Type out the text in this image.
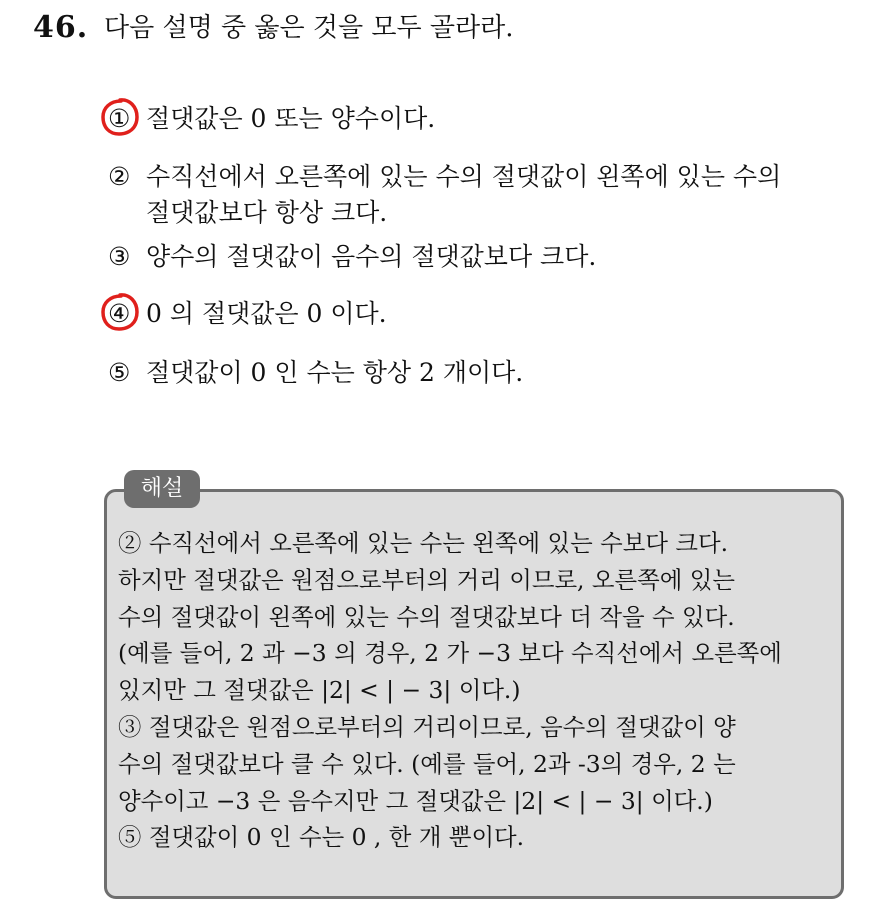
46. 다음 설명 중 옳은 것을 모두 골라라.
① 절댓값은 0 또는 양수이다.
② 수직선에서 오른쪽에 있는 수의 절댓값이 왼쪽에 있는 수의
절댓값보다 항상 크다.
③ 양수의 절댓값이 음수의 절댓값보다 크다.
④ 0 의 절댓값은 0 이다.
⑤ 절댓값이 0 인 수는 항상 2 개이다.
해설
② 수직선에서 오른쪽에 있는 수는 왼쪽에 있는 수보다 크다.
하지만 절댓값은 원점으로부터의 거리 이므로, 오른쪽에 있는
수의 절댓값이 왼쪽에 있는 수의 절댓값보다 더 작을 수 있다.
(예를 들어, 2 과 −3 의 경우, 2 가 −3 보다 수직선에서 오른쪽에
있지만 그 절댓값은 |2| < | − 3| 이다.)
③ 절댓값은 원점으로부터의 거리이므로, 음수의 절댓값이 양
수의 절댓값보다 클 수 있다. (예를 들어, 2과 -3의 경우, 2 는
양수이고 −3 은 음수지만 그 절댓값은 |2| < | − 3| 이다.)
⑤ 절댓값이 0 인 수는 0 , 한 개 뿐이다.
